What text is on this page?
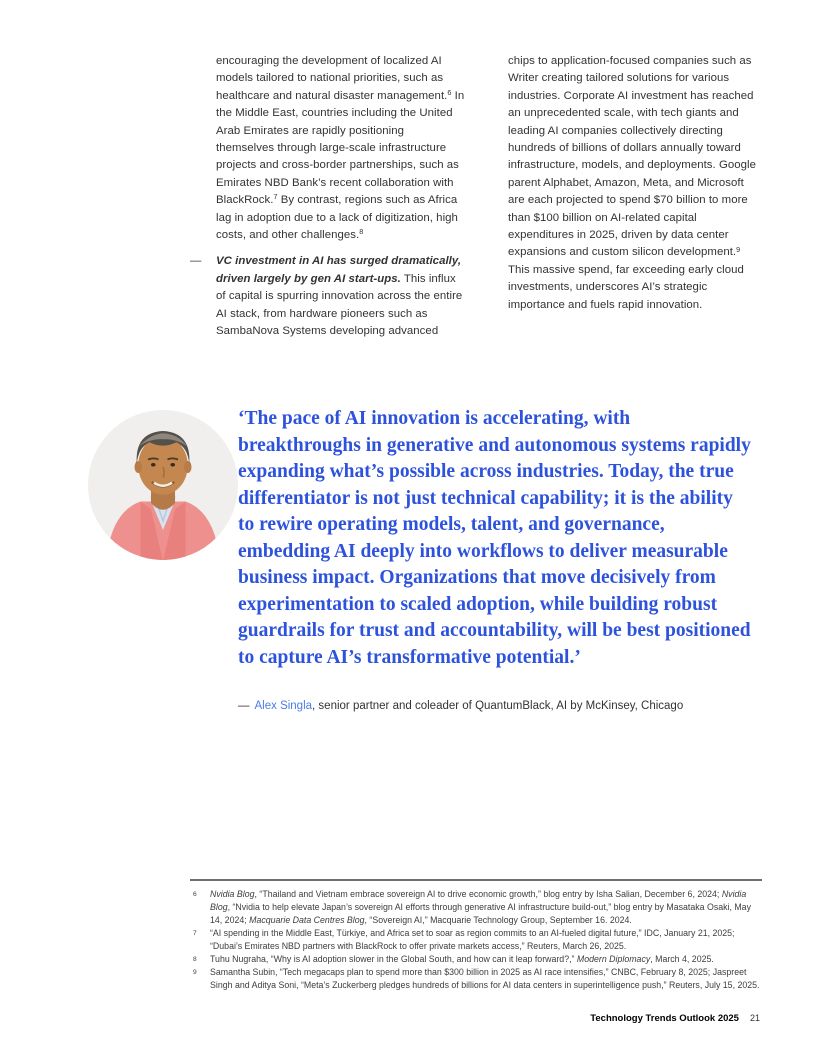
encouraging the development of localized AI models tailored to national priorities, such as healthcare and natural disaster management.$^6$ In the Middle East, countries including the United Arab Emirates are rapidly positioning themselves through large-scale infrastructure projects and cross-border partnerships, such as Emirates NBD Bank’s recent collaboration with BlackRock.$^7$ By contrast, regions such as Africa lag in adoption due to a lack of digitization, high costs, and other challenges.$^8$

— VC investment in AI has surged dramatically, driven largely by gen AI start-ups. This influx of capital is spurring innovation across the entire AI stack, from hardware pioneers such as SambaNova Systems developing advanced

chips to application-focused companies such as Writer creating tailored solutions for various industries. Corporate AI investment has reached an unprecedented scale, with tech giants and leading AI companies collectively directing hundreds of billions of dollars annually toward infrastructure, models, and deployments. Google parent Alphabet, Amazon, Meta, and Microsoft are each projected to spend $70 billion to more than $100 billion on AI-related capital expenditures in 2025, driven by data center expansions and custom silicon development.$^9$ This massive spend, far exceeding early cloud investments, underscores AI’s strategic importance and fuels rapid innovation.

‘The pace of AI innovation is accelerating, with breakthroughs in generative and autonomous systems rapidly expanding what’s possible across industries. Today, the true differentiator is not just technical capability; it is the ability to rewire operating models, talent, and governance, embedding AI deeply into workflows to deliver measurable business impact. Organizations that move decisively from experimentation to scaled adoption, while building robust guardrails for trust and accountability, will be best positioned to capture AI’s transformative potential.’
— Alex Singla, senior partner and coleader of QuantumBlack, AI by McKinsey, Chicago
6 Nvidia Blog, “Thailand and Vietnam embrace sovereign AI to drive economic growth,” blog entry by Isha Salian, December 6, 2024; Nvidia Blog, “Nvidia to help elevate Japan’s sovereign AI efforts through generative AI infrastructure build-out,” blog entry by Masataka Osaki, May 14, 2024; Macquarie Data Centres Blog, “Sovereign AI,” Macquarie Technology Group, September 16. 2024.
7 “AI spending in the Middle East, Türkiye, and Africa set to soar as region commits to an AI-fueled digital future,” IDC, January 21, 2025; “Dubai’s Emirates NBD partners with BlackRock to offer private markets access,” Reuters, March 26, 2025.
8 Tuhu Nugraha, “Why is AI adoption slower in the Global South, and how can it leap forward?,” Modern Diplomacy, March 4, 2025.
9 Samantha Subin, “Tech megacaps plan to spend more than $300 billion in 2025 as AI race intensifies,” CNBC, February 8, 2025; Jaspreet Singh and Aditya Soni, “Meta’s Zuckerberg pledges hundreds of billions for AI data centers in superintelligence push,” Reuters, July 15, 2025.
Technology Trends Outlook 2025 21
